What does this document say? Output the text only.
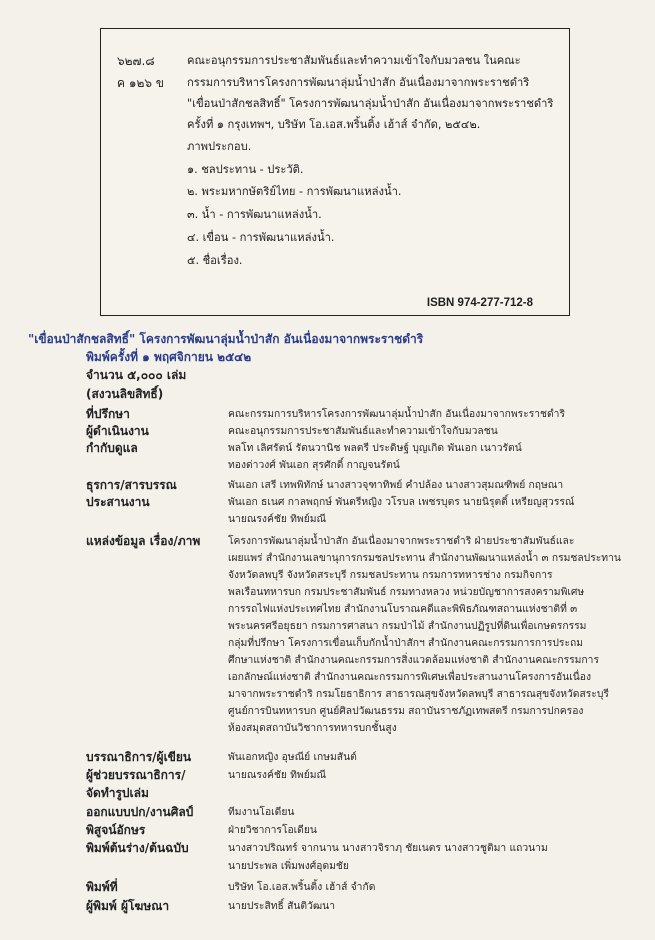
๖๒๗.๘
ค ๑๒๖ ข
คณะอนุกรรมการประชาสัมพันธ์และทำความเข้าใจกับมวลชน ในคณะ
กรรมการบริหารโครงการพัฒนาลุ่มน้ำป่าสัก อันเนื่องมาจากพระราชดำริ
"เขื่อนป่าสักชลสิทธิ์" โครงการพัฒนาลุ่มน้ำป่าสัก อันเนื่องมาจากพระราชดำริ
ครั้งที่ ๑ กรุงเทพฯ, บริษัท โอ.เอส.พริ้นติ้ง เฮ้าส์ จำกัด, ๒๕๔๒.
ภาพประกอบ.
๑. ชลประทาน - ประวัติ.
๒. พระมหากษัตริย์ไทย - การพัฒนาแหล่งน้ำ.
๓. น้ำ - การพัฒนาแหล่งน้ำ.
๔. เขื่อน - การพัฒนาแหล่งน้ำ.
๕. ชื่อเรื่อง.
ISBN 974-277-712-8
"เขื่อนป่าสักชลสิทธิ์" โครงการพัฒนาลุ่มน้ำป่าสัก อันเนื่องมาจากพระราชดำริ
พิมพ์ครั้งที่ ๑ พฤศจิกายน ๒๕๔๒
จำนวน ๕,๐๐๐ เล่ม
(สงวนลิขสิทธิ์)
ที่ปรึกษา	คณะกรรมการบริหารโครงการพัฒนาลุ่มน้ำป่าสัก อันเนื่องมาจากพระราชดำริ
ผู้ดำเนินงาน	คณะอนุกรรมการประชาสัมพันธ์และทำความเข้าใจกับมวลชน
กำกับดูแล	พลโท เลิศรัตน์ รัตนวานิช พลตรี ประดิษฐ์ บุญเกิด พันเอก เนาวรัตน์
ทองด่าวงศ์ พันเอก สุรศักดิ์ กาญจนรัตน์
ธุรการ/สารบรรณ	พันเอก เสรี เทพพิทักษ์ นางสาวจุฑาทิพย์ คำปล้อง นางสาวสุมณฑิพย์ กฤษณา
ประสานงาน	พันเอก ธเนศ กาลพฤกษ์ พันตรีหญิง วโรบล เพชรบุตร นายนิรุตติ์ เหรียญสุวรรณ์
นายณรงค์ชัย ทิพย์มณี
แหล่งข้อมูล เรื่อง/ภาพ	โครงการพัฒนาลุ่มน้ำป่าสัก อันเนื่องมาจากพระราชดำริ ฝ่ายประชาสัมพันธ์และ
เผยแพร่ สำนักงานเลขานุการกรมชลประทาน สำนักงานพัฒนาแหล่งน้ำ ๓ กรมชลประทาน
จังหวัดลพบุรี จังหวัดสระบุรี กรมชลประทาน กรมการทหารช่าง กรมกิจการ
พลเรือนทหารบก กรมประชาสัมพันธ์ กรมทางหลวง หน่วยบัญชาการสงครามพิเศษ
การรถไฟแห่งประเทศไทย สำนักงานโบราณคดีและพิพิธภัณฑสถานแห่งชาติที่ ๓
พระนครศรีอยุธยา กรมการศาสนา กรมป่าไม้ สำนักงานปฏิรูปที่ดินเพื่อเกษตรกรรม
กลุ่มที่ปรึกษา โครงการเขื่อนเก็บกักน้ำป่าสักฯ สำนักงานคณะกรรมการการประถม
ศึกษาแห่งชาติ สำนักงานคณะกรรมการสิ่งแวดล้อมแห่งชาติ สำนักงานคณะกรรมการ
เอกลักษณ์แห่งชาติ สำนักงานคณะกรรมการพิเศษเพื่อประสานงานโครงการอันเนื่อง
มาจากพระราชดำริ กรมโยธาธิการ สาธารณสุขจังหวัดลพบุรี สาธารณสุขจังหวัดสระบุรี
ศูนย์การบินทหารบก ศูนย์ศิลปวัฒนธรรม สถาบันราชภัฏเทพสตรี กรมการปกครอง
ห้องสมุดสถาบันวิชาการทหารบกชั้นสูง
บรรณาธิการ/ผู้เขียน	พันเอกหญิง อุษณีย์ เกษมสันต์
ผู้ช่วยบรรณาธิการ/	นายณรงค์ชัย ทิพย์มณี
จัดทำรูปเล่ม
ออกแบบปก/งานศิลป์	ทีมงานโอเดียน
พิสูจน์อักษร	ฝ่ายวิชาการโอเดียน
พิมพ์ต้นร่าง/ต้นฉบับ	นางสาวปริณทร์ จากนาน นางสาวจิราฦ ชัยเนตร นางสาวชูติมา แถวนาม
นายประพล เพิ่มพงศ์อุดมชัย
พิมพ์ที่	บริษัท โอ.เอส.พริ้นติ้ง เฮ้าส์ จำกัด
ผู้พิมพ์ ผู้โฆษณา	นายประสิทธิ์ สันติวัฒนา
